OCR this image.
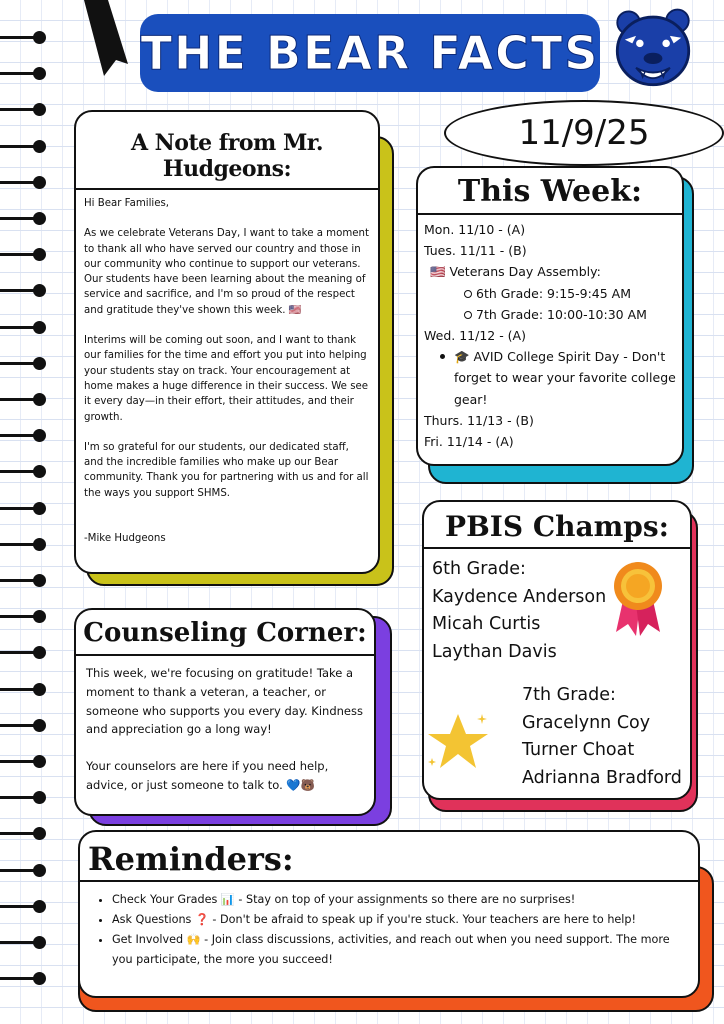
THE BEAR FACTS
11/9/25
A Note from Mr. Hudgeons:

Hi Bear Families,

As we celebrate Veterans Day, I want to take a moment to thank all who have served our country and those in our community who continue to support our veterans. Our students have been learning about the meaning of service and sacrifice, and I'm so proud of the respect and gratitude they've shown this week. 🇺🇸

Interims will be coming out soon, and I want to thank our families for the time and effort you put into helping your students stay on track. Your encouragement at home makes a huge difference in their success. We see it every day—in their effort, their attitudes, and their growth.

I'm so grateful for our students, our dedicated staff, and the incredible families who make up our Bear community. Thank you for partnering with us and for all the ways you support SHMS.

-Mike Hudgeons

This Week:
Mon. 11/10 - (A)
Tues. 11/11 - (B)
🇺🇸 Veterans Day Assembly:
6th Grade: 9:15-9:45 AM
7th Grade: 10:00-10:30 AM
Wed. 11/12 - (A)
🎓 AVID College Spirit Day - Don't forget to wear your favorite college gear!
Thurs. 11/13 - (B)
Fri. 11/14 - (A)
PBIS Champs:
6th Grade:
Kaydence Anderson
Micah Curtis
Laythan Davis
7th Grade:
Gracelynn Coy
Turner Choat
Adrianna Bradford
Counseling Corner:

This week, we're focusing on gratitude! Take a moment to thank a veteran, a teacher, or someone who supports you every day. Kindness and appreciation go a long way!

Your counselors are here if you need help, advice, or just someone to talk to. 💙🐻

Reminders:
• Check Your Grades 📊 - Stay on top of your assignments so there are no surprises!
• Ask Questions ❓ - Don't be afraid to speak up if you're stuck. Your teachers are here to help!
• Get Involved 🙌 - Join class discussions, activities, and reach out when you need support. The more you participate, the more you succeed!
